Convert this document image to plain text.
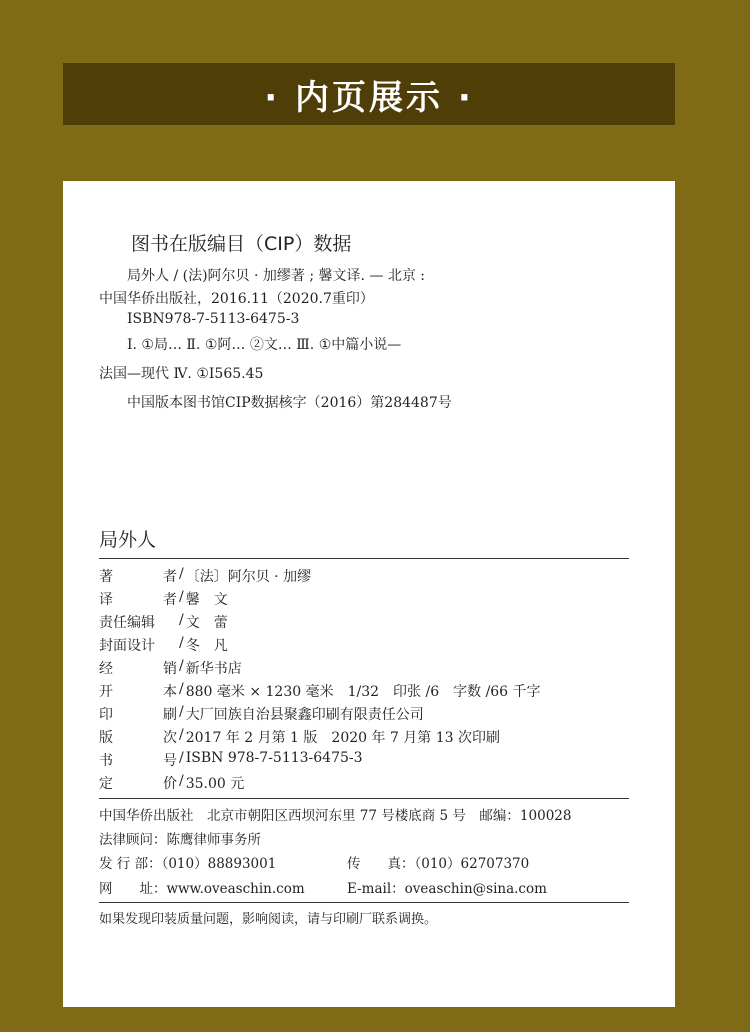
· 内页展示 ·
图书在版编目（CIP）数据
局外人 / (法)阿尔贝 · 加缪著 ; 馨文译. — 北京 :
中国华侨出版社，2016.11（2020.7重印）
ISBN978-7-5113-6475-3
Ⅰ. ①局… Ⅱ. ①阿… ②文… Ⅲ. ①中篇小说—
法国—现代 Ⅳ. ①I565.45
中国版本图书馆CIP数据核字（2016）第284487号
局外人
著	者 / 〔法〕阿尔贝 · 加缪
译	者 / 馨　文
责任编辑 / 文　蕾
封面设计 / 冬　凡
经	销 / 新华书店
开	本 / 880 毫米 × 1230 毫米　1/32　印张 /6　字数 /66 千字
印	刷 / 大厂回族自治县聚鑫印刷有限责任公司
版	次 / 2017 年 2 月第 1 版　2020 年 7 月第 13 次印刷
书	号 / ISBN 978-7-5113-6475-3
定	价 / 35.00 元
中国华侨出版社　北京市朝阳区西坝河东里 77 号楼底商 5 号　邮编：100028
法律顾问：陈鹰律师事务所
发 行 部：（010）88893001	传　　真：（010）62707370
网　　址：www.oveaschin.com	E-mail：oveaschin@sina.com
如果发现印装质量问题，影响阅读，请与印刷厂联系调换。
